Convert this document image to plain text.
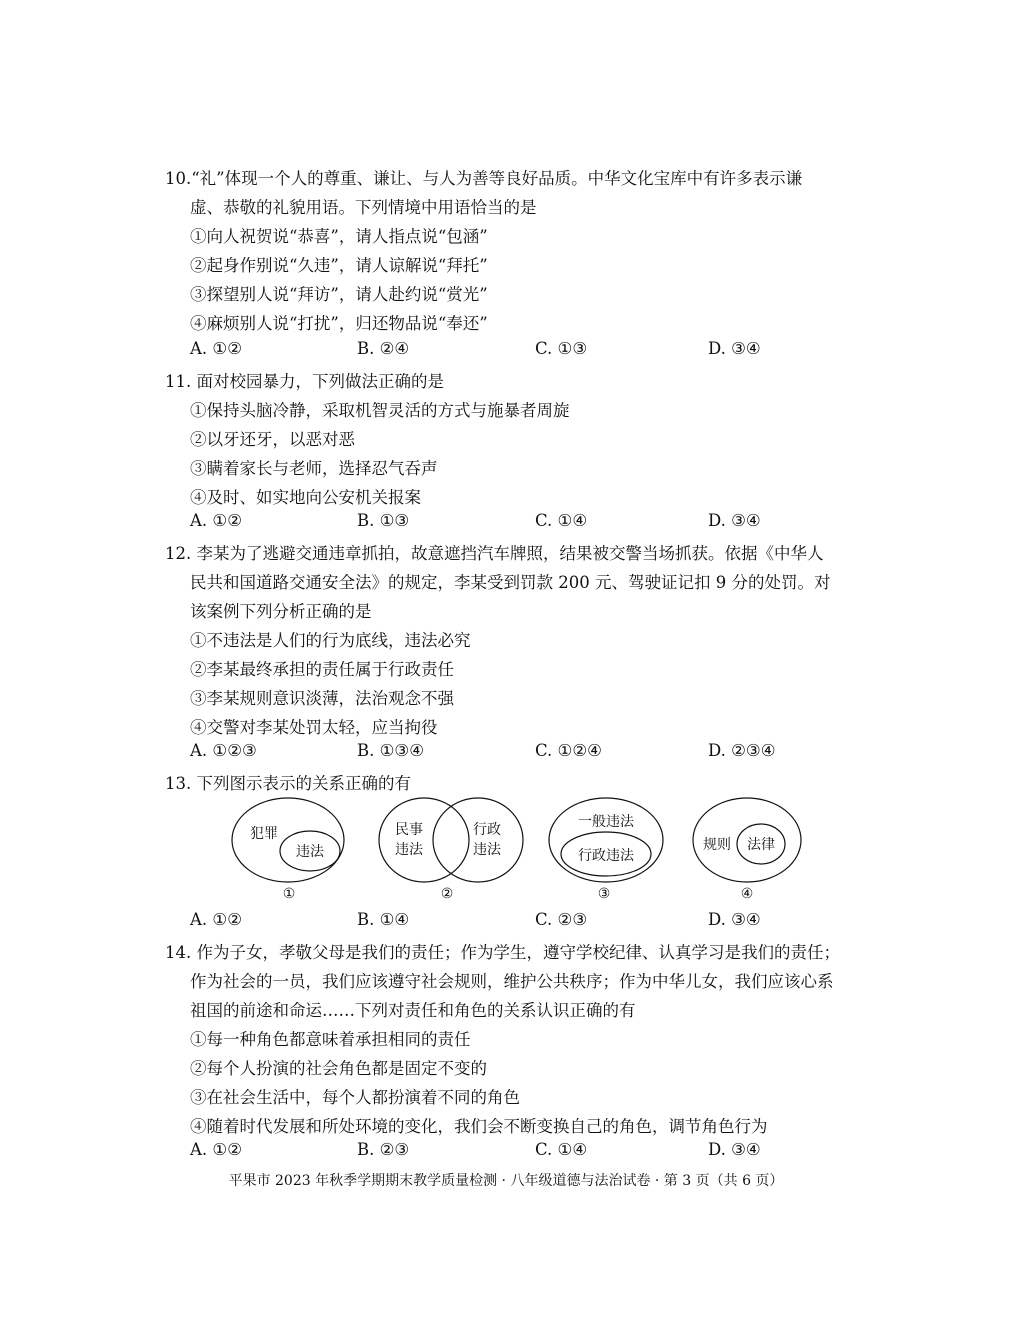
10.“礼”体现一个人的尊重、谦让、与人为善等良好品质。中华文化宝库中有许多表示谦
虚、恭敬的礼貌用语。下列情境中用语恰当的是
①向人祝贺说“恭喜”，请人指点说“包涵”
②起身作别说“久违”，请人谅解说“拜托”
③探望别人说“拜访”，请人赴约说“赏光”
④麻烦别人说“打扰”，归还物品说“奉还”
A. ①②	B. ②④	C. ①③	D. ③④
11. 面对校园暴力，下列做法正确的是
①保持头脑冷静，采取机智灵活的方式与施暴者周旋
②以牙还牙，以恶对恶
③瞒着家长与老师，选择忍气吞声
④及时、如实地向公安机关报案
A. ①②	B. ①③	C. ①④	D. ③④
12. 李某为了逃避交通违章抓拍，故意遮挡汽车牌照，结果被交警当场抓获。依据《中华人
民共和国道路交通安全法》的规定，李某受到罚款 200 元、驾驶证记扣 9 分的处罚。对
该案例下列分析正确的是
①不违法是人们的行为底线，违法必究
②李某最终承担的责任属于行政责任
③李某规则意识淡薄，法治观念不强
④交警对李某处罚太轻，应当拘役
A. ①②③	B. ①③④	C. ①②④	D. ②③④
13. 下列图示表示的关系正确的有
犯罪
违法
①
民事
违法
行政
违法
②
一般违法
行政违法
③
规则 法律
④
A. ①②	B. ①④	C. ②③	D. ③④
14. 作为子女，孝敬父母是我们的责任；作为学生，遵守学校纪律、认真学习是我们的责任；
作为社会的一员，我们应该遵守社会规则，维护公共秩序；作为中华儿女，我们应该心系
祖国的前途和命运……下列对责任和角色的关系认识正确的有
①每一种角色都意味着承担相同的责任
②每个人扮演的社会角色都是固定不变的
③在社会生活中，每个人都扮演着不同的角色
④随着时代发展和所处环境的变化，我们会不断变换自己的角色，调节角色行为
A. ①②	B. ②③	C. ①④	D. ③④
平果市 2023 年秋季学期期末教学质量检测 · 八年级道德与法治试卷 · 第 3 页（共 6 页）
